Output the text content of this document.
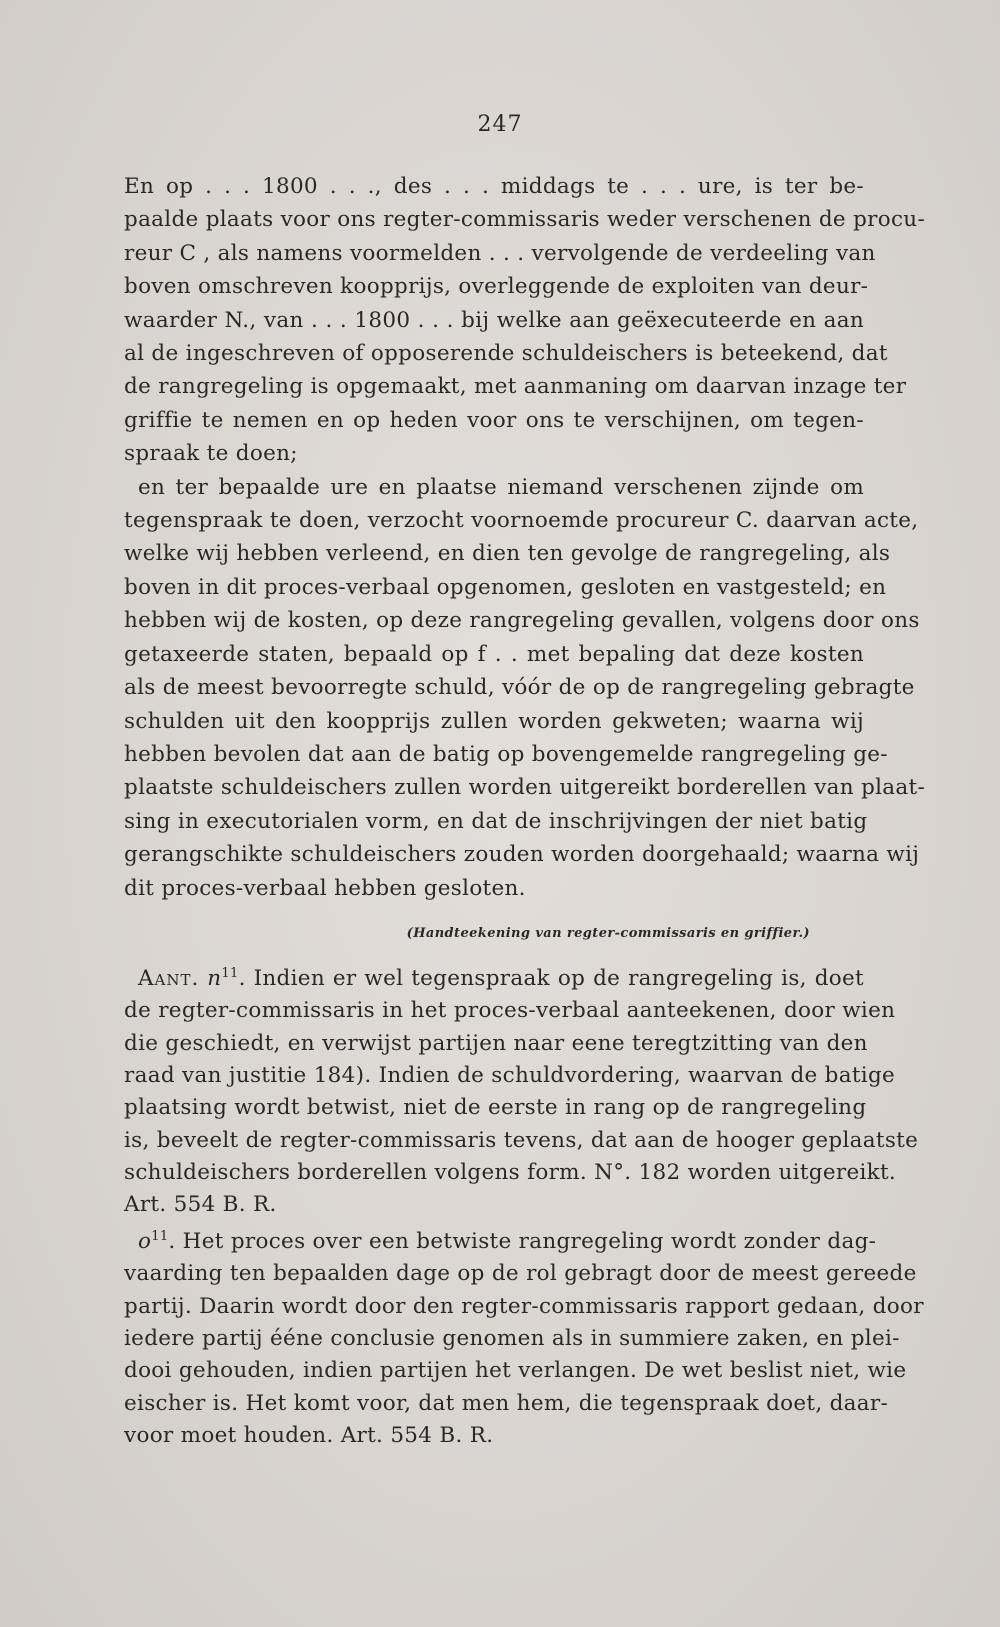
247
En op . . . 1800 . . ., des . . . middags te . . . ure, is ter be-
paalde plaats voor ons regter-commissaris weder verschenen de procu-
reur C , als namens voormelden . . . vervolgende de verdeeling van
boven omschreven koopprijs, overleggende de exploiten van deur-
waarder N., van . . . 1800 . . . bij welke aan geëxecuteerde en aan
al de ingeschreven of opposerende schuldeischers is beteekend, dat
de rangregeling is opgemaakt, met aanmaning om daarvan inzage ter
griffie te nemen en op heden voor ons te verschijnen, om tegen-
spraak te doen;
en ter bepaalde ure en plaatse niemand verschenen zijnde om
tegenspraak te doen, verzocht voornoemde procureur C. daarvan acte,
welke wij hebben verleend, en dien ten gevolge de rangregeling, als
boven in dit proces-verbaal opgenomen, gesloten en vastgesteld; en
hebben wij de kosten, op deze rangregeling gevallen, volgens door ons
getaxeerde staten, bepaald op f . . met bepaling dat deze kosten
als de meest bevoorregte schuld, vóór de op de rangregeling gebragte
schulden uit den koopprijs zullen worden gekweten; waarna wij
hebben bevolen dat aan de batig op bovengemelde rangregeling ge-
plaatste schuldeischers zullen worden uitgereikt borderellen van plaat-
sing in executorialen vorm, en dat de inschrijvingen der niet batig
gerangschikte schuldeischers zouden worden doorgehaald; waarna wij
dit proces-verbaal hebben gesloten.
(Handteekening van regter-commissaris en griffier.)
Aant. $n^{11}$. Indien er wel tegenspraak op de rangregeling is, doet
de regter-commissaris in het proces-verbaal aanteekenen, door wien
die geschiedt, en verwijst partijen naar eene teregtzitting van den
raad van justitie 184). Indien de schuldvordering, waarvan de batige
plaatsing wordt betwist, niet de eerste in rang op de rangregeling
is, beveelt de regter-commissaris tevens, dat aan de hooger geplaatste
schuldeischers borderellen volgens form. N°. 182 worden uitgereikt.
Art. 554 B. R.
$o^{11}$. Het proces over een betwiste rangregeling wordt zonder dag-
vaarding ten bepaalden dage op de rol gebragt door de meest gereede
partij. Daarin wordt door den regter-commissaris rapport gedaan, door
iedere partij éénе conclusie genomen als in summiere zaken, en plei-
dooi gehouden, indien partijen het verlangen. De wet beslist niet, wie
eischer is. Het komt voor, dat men hem, die tegenspraak doet, daar-
voor moet houden. Art. 554 B. R.
